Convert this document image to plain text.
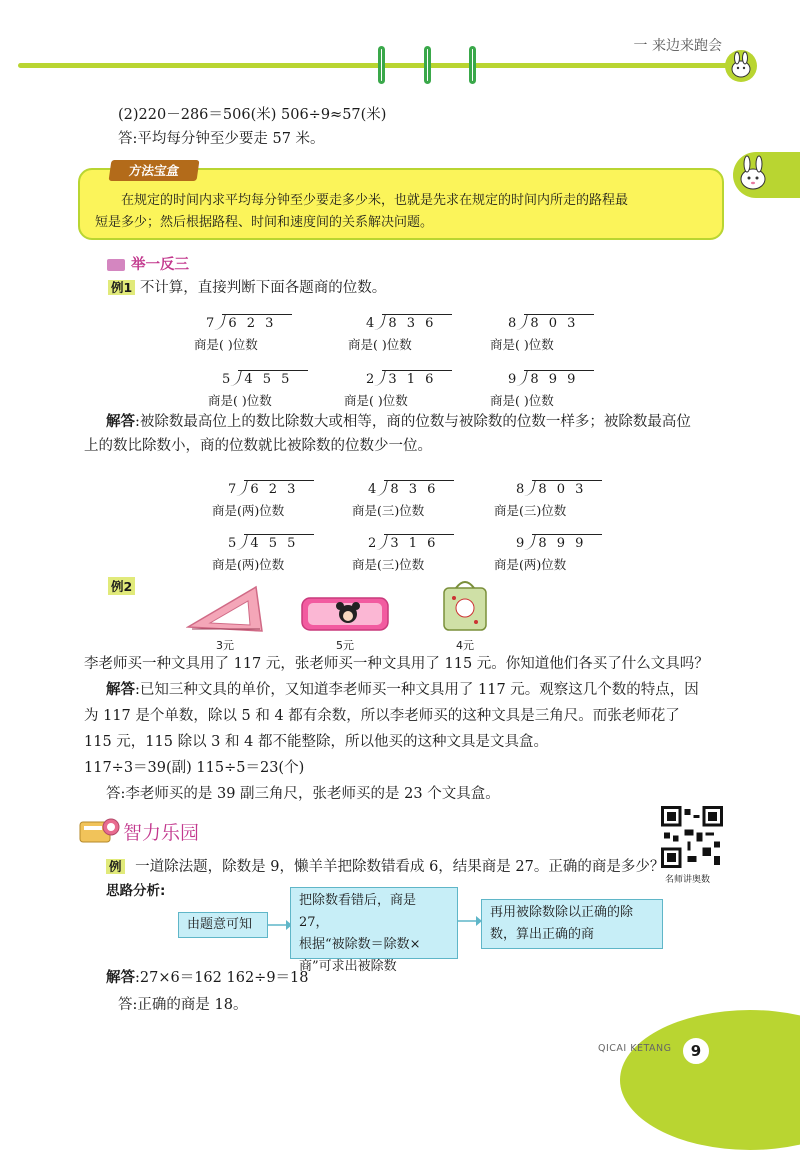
一 来边来跑会
(2)220－286＝506(米) 506÷9≈57(米)
答:平均每分钟至少要走 57 米。
方法宝盒
在规定的时间内求平均每分钟至少要走多少米，也就是先求在规定的时间内所走的路程最
短是多少；然后根据路程、时间和速度间的关系解决问题。
举一反三
例1 不计算，直接判断下面各题商的位数。
7 6 2 3
商是( )位数
4 8 3 6
商是( )位数
8 8 0 3
商是( )位数
5 4 5 5
商是( )位数
2 3 1 6
商是( )位数
9 8 9 9
商是( )位数
解答:被除数最高位上的数比除数大或相等，商的位数与被除数的位数一样多；被除数最高位
上的数比除数小，商的位数就比被除数的位数少一位。
7 6 2 3
商是(两)位数
4 8 3 6
商是(三)位数
8 8 0 3
商是(三)位数
5 4 5 5
商是(两)位数
2 3 1 6
商是(三)位数
9 8 9 9
商是(两)位数
例2
3元	5元	4元
李老师买一种文具用了 117 元，张老师买一种文具用了 115 元。你知道他们各买了什么文具吗？
解答:已知三种文具的单价，又知道李老师买一种文具用了 117 元。观察这几个数的特点，因
为 117 是个单数，除以 5 和 4 都有余数，所以李老师买的这种文具是三角尺。而张老师花了
115 元，115 除以 3 和 4 都不能整除，所以他买的这种文具是文具盒。
117÷3＝39(副) 115÷5＝23(个)
答:李老师买的是 39 副三角尺，张老师买的是 23 个文具盒。
智力乐园
名师讲奥数
例 一道除法题，除数是 9，懒羊羊把除数错看成 6，结果商是 27。正确的商是多少？
思路分析:
由题意可知
把除数看错后，商是 27，
根据“被除数＝除数×
商”可求出被除数
再用被除数除以正确的除
数，算出正确的商
解答:27×6＝162 162÷9＝18
答:正确的商是 18。
QICAI KETANG	9
